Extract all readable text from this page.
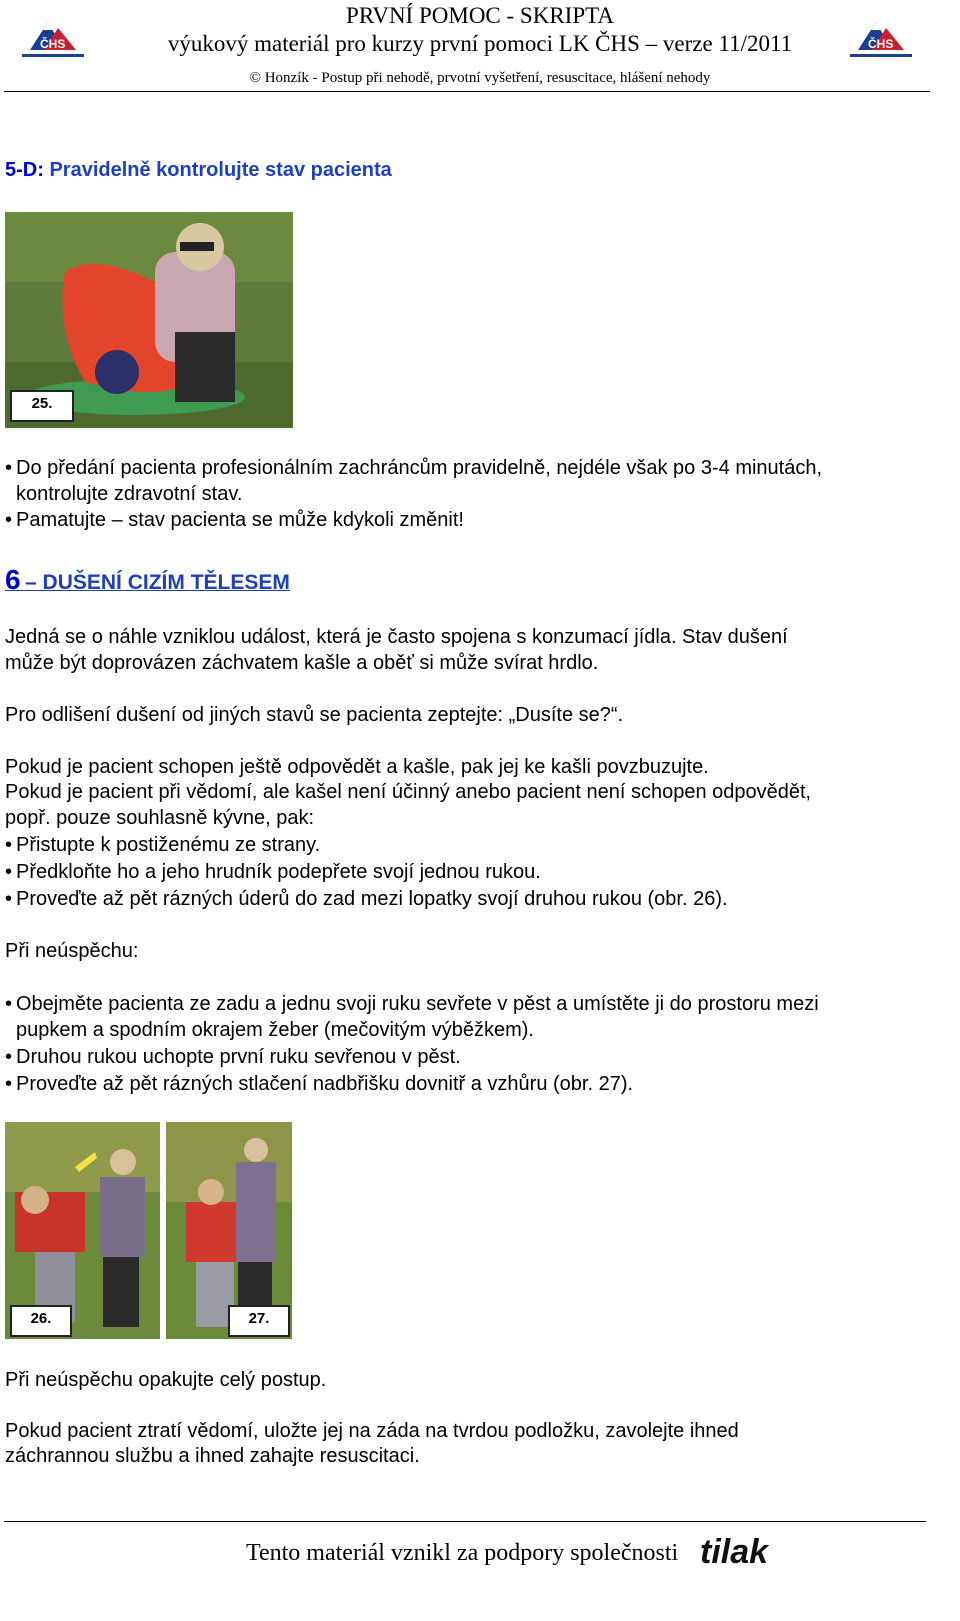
ČHS	ČHS
PRVNÍ POMOC - SKRIPTA
výukový materiál pro kurzy první pomoci LK ČHS – verze 11/2011
© Honzík - Postup při nehodě, prvotní vyšetření, resuscitace, hlášení nehody
5-D: Pravidelně kontrolujte stav pacienta
25.
• Do předání pacienta profesionálním zachráncům pravidelně, nejdéle však po 3-4 minutách,
kontrolujte zdravotní stav.
• Pamatujte – stav pacienta se může kdykoli změnit!
6 – DUŠENÍ CIZÍM TĚLESEM
Jedná se o náhle vzniklou událost, která je často spojena s konzumací jídla. Stav dušení
může být doprovázen záchvatem kašle a oběť si může svírat hrdlo.
Pro odlišení dušení od jiných stavů se pacienta zeptejte: „Dusíte se?“.
Pokud je pacient schopen ještě odpovědět a kašle, pak jej ke kašli povzbuzujte.
Pokud je pacient při vědomí, ale kašel není účinný anebo pacient není schopen odpovědět,
popř. pouze souhlasně kývne, pak:
• Přistupte k postiženému ze strany.
• Předkloňte ho a jeho hrudník podepřete svojí jednou rukou.
• Proveďte až pět rázných úderů do zad mezi lopatky svojí druhou rukou (obr. 26).
Při neúspěchu:
• Obejměte pacienta ze zadu a jednu svoji ruku sevřete v pěst a umístěte ji do prostoru mezi
pupkem a spodním okrajem žeber (mečovitým výběžkem).
• Druhou rukou uchopte první ruku sevřenou v pěst.
• Proveďte až pět rázných stlačení nadbřišku dovnitř a vzhůru (obr. 27).
26.	27.
Při neúspěchu opakujte celý postup.
Pokud pacient ztratí vědomí, uložte jej na záda na tvrdou podložku, zavolejte ihned
záchrannou službu a ihned zahajte resuscitaci.
Tento materiál vznikl za podpory společnosti tilak
